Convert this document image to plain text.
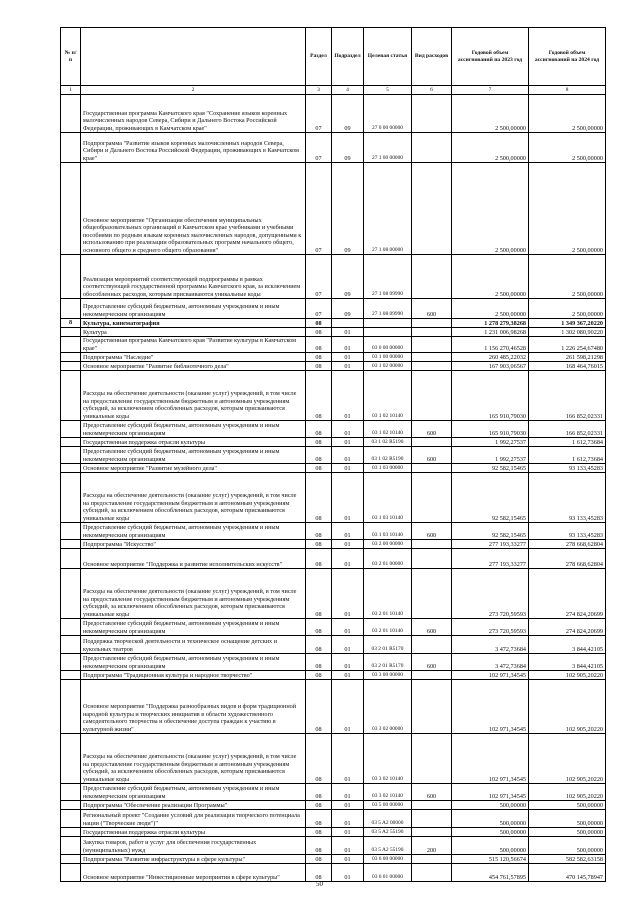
№ п/п		Раздел	Подраздел	Целевая статья	Вид расходов	Годовой объем ассигнований на 2023 год	Годовой объем ассигнований на 2024 год
1	2	3	4	5	6	7	8
	Государственная программа Камчатского края "Сохранение языков коренных малочисленных народов Севера, Сибири и Дальнего Востока Российской Федерации, проживающих в Камчатском крае"	07	09	27 0 00 00000		2 500,00000	2 500,00000
	Подпрограмма "Развитие языков коренных малочисленных народов Севера, Сибири и Дальнего Востока Российской Федерации, проживающих в Камчатском крае"	07	09	27 1 00 00000		2 500,00000	2 500,00000
	Основное мероприятие "Организация обеспечения муниципальных общеобразовательных организаций в Камчатском крае учебниками и учебными пособиями по родным языкам коренных малочисленных народов, допущенными к использованию при реализации образовательных программ начального общего, основного общего и среднего общего образования"	07	09	27 1 08 00000		2 500,00000	2 500,00000
	Реализация мероприятий соответствующей подпрограммы в рамках соответствующей государственной программы Камчатского края, за исключением обособленных расходов, которым присваиваются уникальные коды	07	09	27 1 08 09990		2 500,00000	2 500,00000
	Предоставление субсидий бюджетным, автономным учреждениям и иным некоммерческим организациям	07	09	27 1 08 09990	600	2 500,00000	2 500,00000
8	Культура, кинематография	08				1 278 279,38268	1 349 367,20220
	Культура	08	01			1 231 006,98268	1 302 080,90220
	Государственная программа Камчатского края "Развитие культуры в Камчатском крае"	08	01	03 0 00 00000		1 156 270,46528	1 226 254,67480
	Подпрограмма "Наследие"	08	01	03 1 00 00000		260 485,22032	261 598,21298
	Основное мероприятие "Развитие библиотечного дела"	08	01	03 1 02 00000		167 903,06567	168 464,76015
	Расходы на обеспечение деятельности (оказание услуг) учреждений, в том числе на предоставление государственным бюджетным и автономным учреждениям субсидий, за исключением обособленных расходов, которым присваиваются уникальные коды	08	01	03 1 02 10140		165 910,79030	166 852,02331
	Предоставление субсидий бюджетным, автономным учреждениям и иным некоммерческим организациям	08	01	03 1 02 10140	600	165 910,79030	166 852,02331
	Государственная поддержка отрасли культуры	08	01	03 1 02 R5190		1 992,27537	1 612,73684
	Предоставление субсидий бюджетным, автономным учреждениям и иным некоммерческим организациям	08	01	03 1 02 R5190	600	1 992,27537	1 612,73684
	Основное мероприятие "Развитие музейного дела"	08	01	03 1 03 00000		92 582,15465	93 133,45283
	Расходы на обеспечение деятельности (оказание услуг) учреждений, в том числе на предоставление государственным бюджетным и автономным учреждениям субсидий, за исключением обособленных расходов, которым присваиваются уникальные коды	08	01	03 1 03 10140		92 582,15465	93 133,45283
	Предоставление субсидий бюджетным, автономным учреждениям и иным некоммерческим организациям	08	01	03 1 03 10140	600	92 582,15465	93 133,45283
	Подпрограмма "Искусство"	08	01	03 2 00 00000		277 193,33277	278 668,62804
	Основное мероприятие "Поддержка и развитие исполнительских искусств"	08	01	03 2 01 00000		277 193,33277	278 668,62804
	Расходы на обеспечение деятельности (оказание услуг) учреждений, в том числе на предоставление государственным бюджетным и автономным учреждениям субсидий, за исключением обособленных расходов, которым присваиваются уникальные коды	08	01	03 2 01 10140		273 720,59593	274 824,20699
	Предоставление субсидий бюджетным, автономным учреждениям и иным некоммерческим организациям	08	01	03 2 01 10140	600	273 720,59593	274 824,20699
	Поддержка творческой деятельности и техническое оснащение детских и кукольных театров	08	01	03 2 01 R5170		3 472,73684	3 844,42105
	Предоставление субсидий бюджетным, автономным учреждениям и иным некоммерческим организациям	08	01	03 2 01 R5170	600	3 472,73684	3 844,42105
	Подпрограмма "Традиционная культура и народное творчество"	08	01	03 3 00 00000		102 971,34545	102 905,20220
	Основное мероприятие "Поддержка разнообразных видов и форм традиционной народной культуры и творческих инициатив в области художественного самодеятельного творчества и обеспечение доступа граждан к участию в культурной жизни"	08	01	03 3 02 00000		102 971,34545	102 905,20220
	Расходы на обеспечение деятельности (оказание услуг) учреждений, в том числе на предоставление государственным бюджетным и автономным учреждениям субсидий, за исключением обособленных расходов, которым присваиваются уникальные коды	08	01	03 3 02 10140		102 971,34545	102 905,20220
	Предоставление субсидий бюджетным, автономным учреждениям и иным некоммерческим организациям	08	01	03 3 02 10140	600	102 971,34545	102 905,20220
	Подпрограмма "Обеспечение реализации Программы"	08	01	03 5 00 00000		500,00000	500,00000
	Региональный проект "Создание условий для реализации творческого потенциала нации ("Творческие люди")"	08	01	03 5 A2 00000		500,00000	500,00000
	Государственная поддержка отрасли культуры	08	01	03 5 A2 55190		500,00000	500,00000
	Закупка товаров, работ и услуг для обеспечения государственных (муниципальных) нужд	08	01	03 5 A2 55190	200	500,00000	500,00000
	Подпрограмма "Развитие инфраструктуры в сфере культуры"	08	01	03 6 00 00000		515 120,56674	582 582,63158
	Основное мероприятие "Инвестиционные мероприятия в сфере культуры"	08	01	03 6 01 00000		454 761,57895	470 145,78947
50
